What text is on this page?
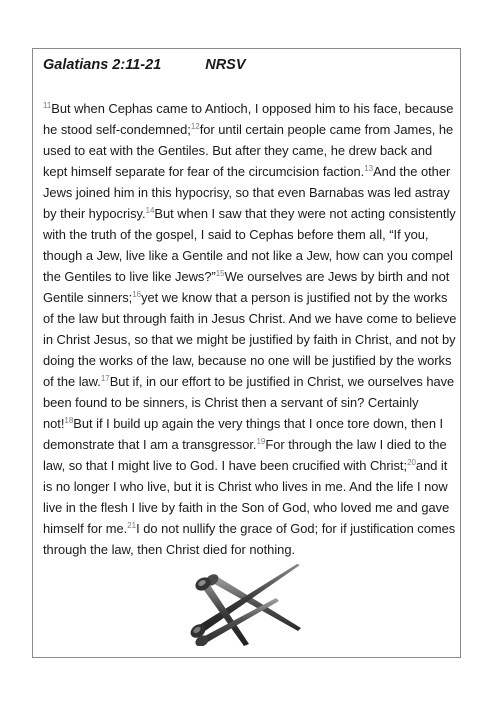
Galatians 2:11-21	NRSV

$^{11}$But when Cephas came to Antioch, I opposed him to his face, because he stood self-condemned;$^{12}$for until certain people came from James, he used to eat with the Gentiles. But after they came, he drew back and kept himself separate for fear of the circumcision faction.$^{13}$And the other Jews joined him in this hypocrisy, so that even Barnabas was led astray by their hypocrisy.$^{14}$But when I saw that they were not acting consistently with the truth of the gospel, I said to Cephas before them all, “If you, though a Jew, live like a Gentile and not like a Jew, how can you compel the Gentiles to live like Jews?”$^{15}$We ourselves are Jews by birth and not Gentile sinners;$^{16}$yet we know that a person is justified not by the works of the law but through faith in Jesus Christ. And we have come to believe in Christ Jesus, so that we might be justified by faith in Christ, and not by doing the works of the law, because no one will be justified by the works of the law.$^{17}$But if, in our effort to be justified in Christ, we ourselves have been found to be sinners, is Christ then a servant of sin? Certainly not!$^{18}$But if I build up again the very things that I once tore down, then I demonstrate that I am a transgressor.$^{19}$For through the law I died to the law, so that I might live to God. I have been crucified with Christ;$^{20}$and it is no longer I who live, but it is Christ who lives in me. And the life I now live in the flesh I live by faith in the Son of God, who loved me and gave himself for me.$^{21}$I do not nullify the grace of God; for if justification comes through the law, then Christ died for nothing.
